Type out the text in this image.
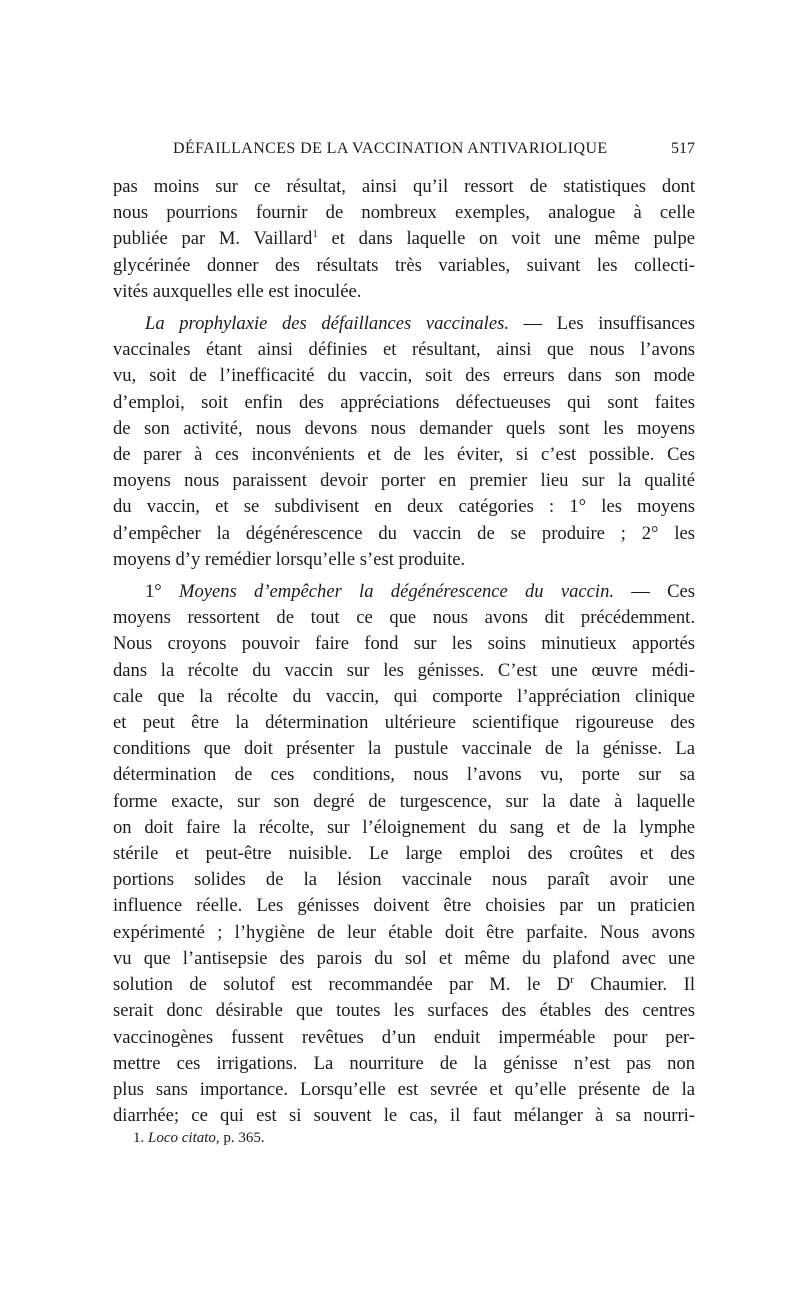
DÉFAILLANCES DE LA VACCINATION ANTIVARIOLIQUE	517

pas moins sur ce résultat, ainsi qu’il ressort de statistiques dont
nous pourrions fournir de nombreux exemples, analogue à celle
publiée par M. Vaillard$^1$ et dans laquelle on voit une même pulpe
glycérinée donner des résultats très variables, suivant les collecti-
vités auxquelles elle est inoculée.

La prophylaxie des défaillances vaccinales. — Les insuffisances
vaccinales étant ainsi définies et résultant, ainsi que nous l’avons
vu, soit de l’inefficacité du vaccin, soit des erreurs dans son mode
d’emploi, soit enfin des appréciations défectueuses qui sont faites
de son activité, nous devons nous demander quels sont les moyens
de parer à ces inconvénients et de les éviter, si c’est possible. Ces
moyens nous paraissent devoir porter en premier lieu sur la qualité
du vaccin, et se subdivisent en deux catégories : 1° les moyens
d’empêcher la dégénérescence du vaccin de se produire ; 2° les
moyens d’y remédier lorsqu’elle s’est produite.

1° Moyens d’empêcher la dégénérescence du vaccin. — Ces
moyens ressortent de tout ce que nous avons dit précédemment.
Nous croyons pouvoir faire fond sur les soins minutieux apportés
dans la récolte du vaccin sur les génisses. C’est une œuvre médi-
cale que la récolte du vaccin, qui comporte l’appréciation clinique
et peut être la détermination ultérieure scientifique rigoureuse des
conditions que doit présenter la pustule vaccinale de la génisse. La
détermination de ces conditions, nous l’avons vu, porte sur sa
forme exacte, sur son degré de turgescence, sur la date à laquelle
on doit faire la récolte, sur l’éloignement du sang et de la lymphe
stérile et peut-être nuisible. Le large emploi des croûtes et des
portions solides de la lésion vaccinale nous paraît avoir une
influence réelle. Les génisses doivent être choisies par un praticien
expérimenté ; l’hygiène de leur étable doit être parfaite. Nous avons
vu que l’antisepsie des parois du sol et même du plafond avec une
solution de solutof est recommandée par M. le $D^r$ Chaumier. Il
serait donc désirable que toutes les surfaces des étables des centres
vaccinogènes fussent revêtues d’un enduit imperméable pour per-
mettre ces irrigations. La nourriture de la génisse n’est pas non
plus sans importance. Lorsqu’elle est sevrée et qu’elle présente de la
diarrhée; ce qui est si souvent le cas, il faut mélanger à sa nourri-

1. Loco citato, p. 365.
